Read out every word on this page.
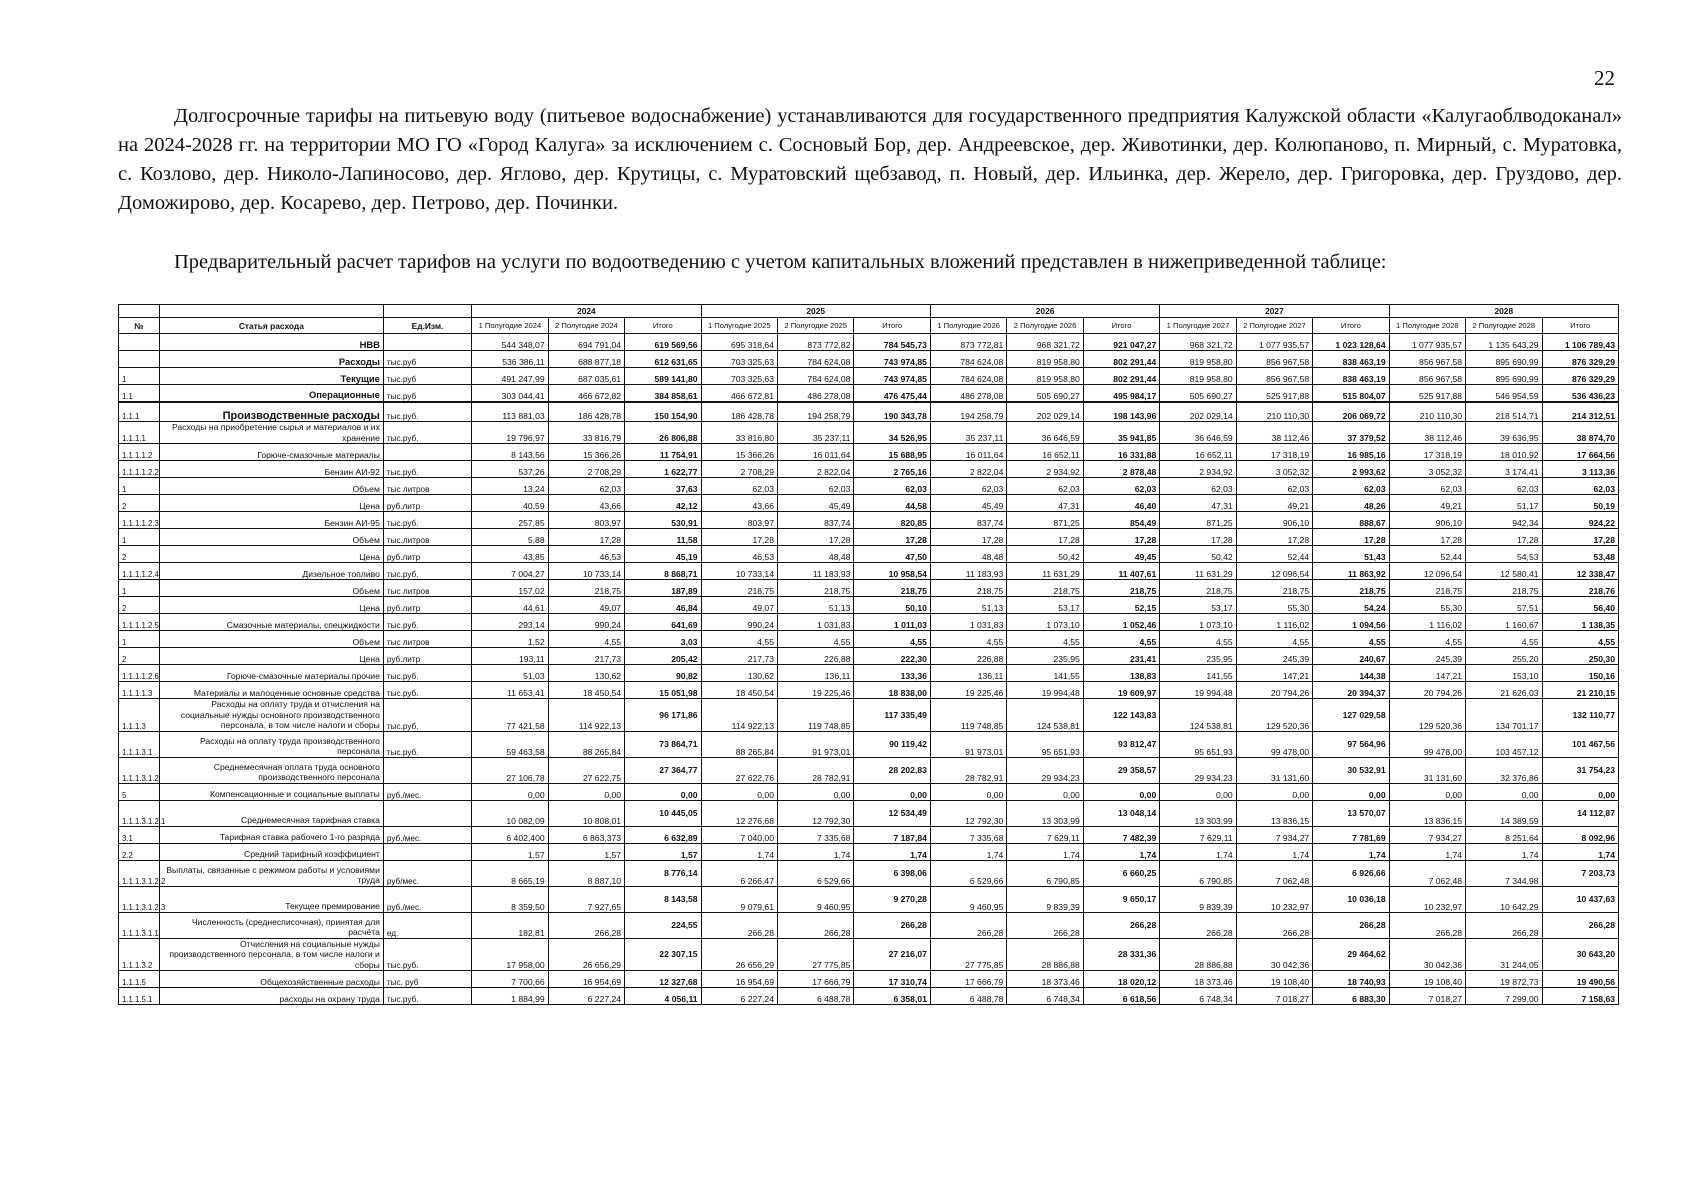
22

Долгосрочные тарифы на питьевую воду (питьевое водоснабжение) устанавливаются для государственного предприятия Калужской области «Калугаоблводоканал» на 2024-2028 гг. на территории МО ГО «Город Калуга» за исключением с. Сосновый Бор, дер. Андреевское, дер. Животинки, дер. Колюпаново, п. Мирный, с. Муратовка, с. Козлово, дер. Николо-Лапиносово, дер. Яглово, дер. Крутицы, с. Муратовский щебзавод, п. Новый, дер. Ильинка, дер. Жерело, дер. Григоровка, дер. Груздово, дер. Доможирово, дер. Косарево, дер. Петрово, дер. Починки.

Предварительный расчет тарифов на услуги по водоотведению с учетом капитальных вложений представлен в нижеприведенной таблице:

			2024			2025			2026			2027			2028		
№	Статья расхода	Ед.Изм.	1 Полугодие 2024	2 Полугодие 2024	Итого	1 Полугодие 2025	2 Полугодие 2025	Итого	1 Полугодие 2026	2 Полугодие 2026	Итого	1 Полугодие 2027	2 Полугодие 2027	Итого	1 Полугодие 2028	2 Полугодие 2028	Итого
	НВВ		544 348,07	694 791,04	619 569,56	695 318,64	873 772,82	784 545,73	873 772,81	968 321,72	921 047,27	968 321,72	1 077 935,57	1 023 128,64	1 077 935,57	1 135 643,29	1 106 789,43
	Расходы	тыс.руб	536 386,11	688 877,18	612 631,65	703 325,63	784 624,08	743 974,85	784 624,08	819 958,80	802 291,44	819 958,80	856 967,58	838 463,19	856 967,58	895 690,99	876 329,29
1	Текущие	тыс.руб	491 247,99	687 035,61	589 141,80	703 325,63	784 624,08	743 974,85	784 624,08	819 958,80	802 291,44	819 958,80	856 967,58	838 463,19	856 967,58	895 690,99	876 329,29
1.1	Операционные	тыс.руб	303 044,41	466 672,82	384 858,61	466 672,81	486 278,08	476 475,44	486 278,08	505 690,27	495 984,17	505 690,27	525 917,88	515 804,07	525 917,88	546 954,59	536 436,23
1.1.1	Производственные расходы	тыс.руб.	113 881,03	186 428,78	150 154,90	186 428,78	194 258,79	190 343,78	194 258,79	202 029,14	198 143,96	202 029,14	210 110,30	206 069,72	210 110,30	218 514,71	214 312,51
1.1.1.1	Расходы на приобретение сырья и материалов и их хранение	тыс.руб.	19 796,97	33 816,79	26 806,88	33 816,80	35 237,11	34 526,95	35 237,11	36 646,59	35 941,85	36 646,59	38 112,46	37 379,52	38 112,46	39 636,95	38 874,70
1.1.1.1.2	Горюче-смазочные материалы		8 143,56	15 366,26	11 754,91	15 366,26	16 011,64	15 688,95	16 011,64	16 652,11	16 331,88	16 652,11	17 318,19	16 985,16	17 318,19	18 010,92	17 664,56
1.1.1.1.2.2	Бензин АИ-92	тыс.руб.	537,26	2 708,29	1 622,77	2 708,29	2 822,04	2 765,16	2 822,04	2 934,92	2 878,48	2 934,92	3 052,32	2 993,62	3 052,32	3 174,41	3 113,36
1	Объем	тыс литров	13,24	62,03	37,63	62,03	62,03	62,03	62,03	62,03	62,03	62,03	62,03	62,03	62,03	62,03	62,03
2	Цена	руб.литр	40,59	43,66	42,12	43,66	45,49	44,58	45,49	47,31	46,40	47,31	49,21	48,26	49,21	51,17	50,19
1.1.1.1.2.3	Бензин АИ-95	тыс.руб.	257,85	803,97	530,91	803,97	837,74	820,85	837,74	871,25	854,49	871,25	906,10	888,67	906,10	942,34	924,22
1	Объем	тыс.литров	5,88	17,28	11,58	17,28	17,28	17,28	17,28	17,28	17,28	17,28	17,28	17,28	17,28	17,28	17,28
2	Цена	руб.литр	43,85	46,53	45,19	46,53	48,48	47,50	48,48	50,42	49,45	50,42	52,44	51,43	52,44	54,53	53,48
1.1.1.1.2.4	Дизельное топливо	тыс.руб.	7 004,27	10 733,14	8 868,71	10 733,14	11 183,93	10 958,54	11 183,93	11 631,29	11 407,61	11 631,29	12 096,54	11 863,92	12 096,54	12 580,41	12 338,47
1	Объем	тыс литров	157,02	218,75	187,89	218,75	218,75	218,75	218,75	218,75	218,75	218,75	218,75	218,75	218,75	218,75	218,76
2	Цена	руб.литр	44,61	49,07	46,84	49,07	51,13	50,10	51,13	53,17	52,15	53,17	55,30	54,24	55,30	57,51	56,40
1.1.1.1.2.5	Смазочные материалы, спецжидкости	тыс.руб.	293,14	990,24	641,69	990,24	1 031,83	1 011,03	1 031,83	1 073,10	1 052,46	1 073,10	1 116,02	1 094,56	1 116,02	1 160,67	1 138,35
1	Объем	тыс литров	1,52	4,55	3,03	4,55	4,55	4,55	4,55	4,55	4,55	4,55	4,55	4,55	4,55	4,55	4,55
2	Цена	руб.литр	193,11	217,73	205,42	217,73	226,88	222,30	226,88	235,95	231,41	235,95	245,39	240,67	245,39	255,20	250,30
1.1.1.1.2.6	Горюче-смазочные материалы прочие	тыс.руб.	51,03	130,62	90,82	130,62	136,11	133,36	136,11	141,55	138,83	141,55	147,21	144,38	147,21	153,10	150,16
1.1.1.1.3	Материалы и малоценные основные средства	тыс.руб.	11 653,41	18 450,54	15 051,98	18 450,54	19 225,46	18 838,00	19 225,46	19 994,48	19 609,97	19 994,48	20 794,26	20 394,37	20 794,26	21 626,03	21 210,15
1.1.1.3	Расходы на оплату труда и отчисления на социальные нужды основного производственного персонала, в том числе налоги и сборы	тыс.руб.	77 421,58	114 922,13	96 171,86	114 922,13	119 748,85	117 335,49	119 748,85	124 538,81	122 143,83	124 538,81	129 520,36	127 029,58	129 520,36	134 701,17	132 110,77
1.1.1.3.1	Расходы на оплату труда производственного персонала	тыс.руб.	59 463,58	88 265,84	73 864,71	88 265,84	91 973,01	90 119,42	91 973,01	95 651,93	93 812,47	95 651,93	99 478,00	97 564,96	99 478,00	103 457,12	101 467,56
1.1.1.3.1.2	Среднемесячная оплата труда основного производственного персонала		27 106,78	27 622,75	27 364,77	27 622,76	28 782,91	28 202,83	28 782,91	29 934,23	29 358,57	29 934,23	31 131,60	30 532,91	31 131,60	32 376,86	31 754,23
5	Компенсационные и социальные выплаты	руб./мес.	0,00	0,00	0,00	0,00	0,00	0,00	0,00	0,00	0,00	0,00	0,00	0,00	0,00	0,00	0,00
1.1.1.3.1.2.1	Среднемесячная тарифная ставка		10 082,09	10 808,01	10 445,05	12 276,68	12 792,30	12 534,49	12 792,30	13 303,99	13 048,14	13 303,99	13 836,15	13 570,07	13 836,15	14 389,59	14 112,87
3.1	Тарифная ставка рабочего 1-го разряда	руб./мес.	6 402,400	6 863,373	6 632,89	7 040,00	7 335,68	7 187,84	7 335,68	7 629,11	7 482,39	7 629,11	7 934,27	7 781,69	7 934,27	8 251,64	8 092,96
2.2	Средний тарифный коэффициент		1,57	1,57	1,57	1,74	1,74	1,74	1,74	1,74	1,74	1,74	1,74	1,74	1,74	1,74	1,74
1.1.1.3.1.2.2	Выплаты, связанные с режимом работы и условиями труда	руб/мес.	8 665,19	8 887,10	8 776,14	6 266,47	6 529,66	6 398,06	6 529,66	6 790,85	6 660,25	6 790,85	7 062,48	6 926,66	7 062,48	7 344,98	7 203,73
1.1.1.3.1.2.3	Текущее премирование	руб./мес.	8 359,50	7 927,65	8 143,58	9 079,61	9 460,95	9 270,28	9 460,95	9 839,39	9 650,17	9 839,39	10 232,97	10 036,18	10 232,97	10 642,29	10 437,63
1.1.1.3.1.1	Численность (среднесписочная), принятая для расчёта	ед.	182,81	266,28	224,55	266,28	266,28	266,28	266,28	266,28	266,28	266,28	266,28	266,28	266,28	266,28	266,28
1.1.1.3.2	Отчисления на социальные нужды производственного персонала, в том числе налоги и сборы	тыс.руб.	17 958,00	26 656,29	22 307,15	26 656,29	27 775,85	27 216,07	27 775,85	28 886,88	28 331,36	28 886,88	30 042,36	29 464,62	30 042,36	31 244,05	30 643,20
1.1.1.5	Общехозяйственные расходы	тыс. руб	7 700,66	16 954,69	12 327,68	16 954,69	17 666,79	17 310,74	17 666,79	18 373,46	18 020,12	18 373,46	19 108,40	18 740,93	19 108,40	19 872,73	19 490,56
1.1.1.5.1	расходы на охрану труда	тыс.руб.	1 884,99	6 227,24	4 056,11	6 227,24	6 488,78	6 358,01	6 488,78	6 748,34	6 618,56	6 748,34	7 018,27	6 883,30	7 018,27	7 299,00	7 158,63
